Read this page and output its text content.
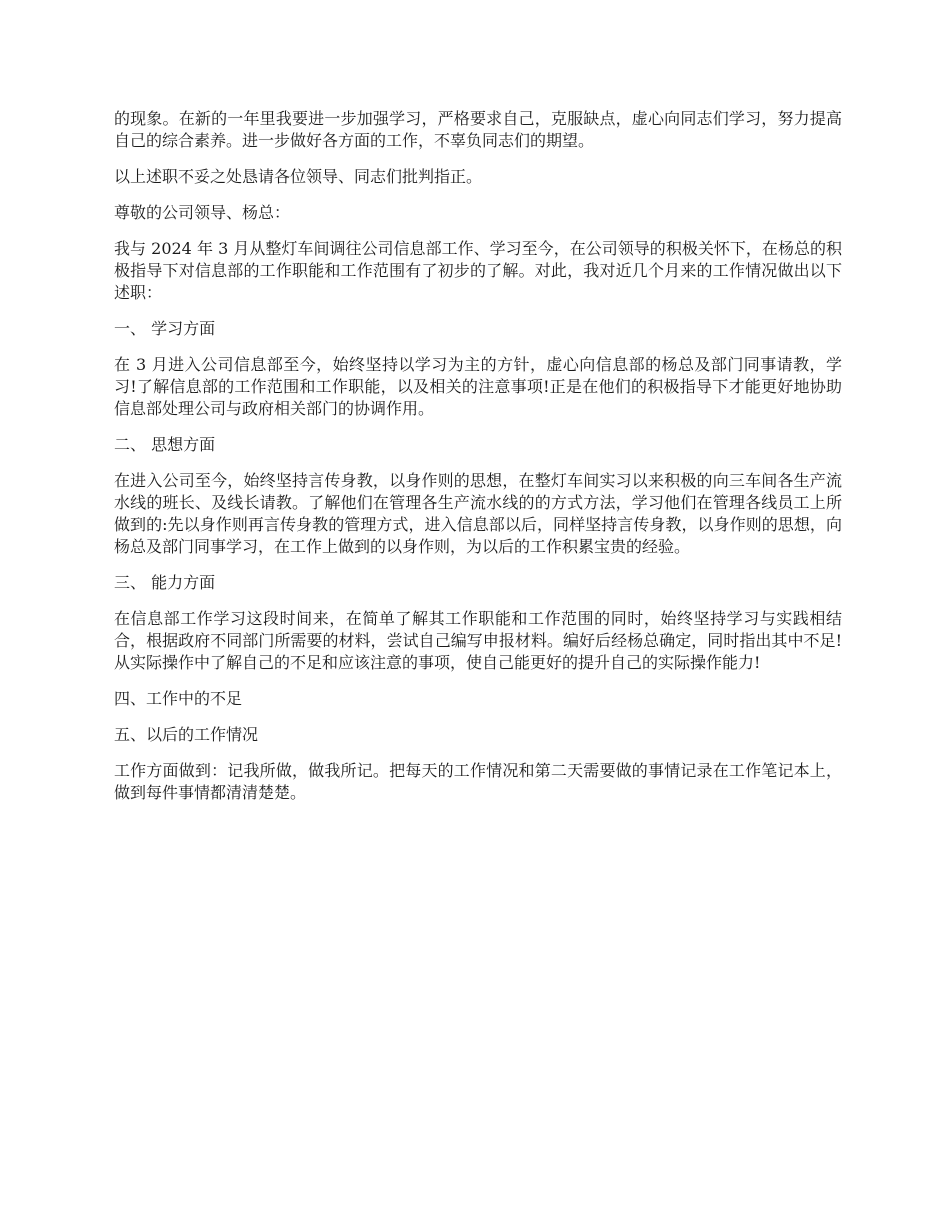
的现象。在新的一年里我要进一步加强学习，严格要求自己，克服缺点，虚心向同志们学习，努力提高自己的综合素养。进一步做好各方面的工作，不辜负同志们的期望。

以上述职不妥之处恳请各位领导、同志们批判指正。

尊敬的公司领导、杨总：

我与 2024 年 3 月从整灯车间调往公司信息部工作、学习至今，在公司领导的积极关怀下，在杨总的积极指导下对信息部的工作职能和工作范围有了初步的了解。对此，我对近几个月来的工作情况做出以下述职：

一、 学习方面

在 3 月进入公司信息部至今，始终坚持以学习为主的方针，虚心向信息部的杨总及部门同事请教，学习!了解信息部的工作范围和工作职能，以及相关的注意事项!正是在他们的积极指导下才能更好地协助信息部处理公司与政府相关部门的协调作用。

二、 思想方面

在进入公司至今，始终坚持言传身教，以身作则的思想，在整灯车间实习以来积极的向三车间各生产流水线的班长、及线长请教。了解他们在管理各生产流水线的的方式方法，学习他们在管理各线员工上所做到的:先以身作则再言传身教的管理方式，进入信息部以后，同样坚持言传身教，以身作则的思想，向杨总及部门同事学习，在工作上做到的以身作则，为以后的工作积累宝贵的经验。

三、 能力方面

在信息部工作学习这段时间来，在简单了解其工作职能和工作范围的同时，始终坚持学习与实践相结合，根据政府不同部门所需要的材料，尝试自己编写申报材料。编好后经杨总确定，同时指出其中不足!从实际操作中了解自己的不足和应该注意的事项，使自己能更好的提升自己的实际操作能力!

四、工作中的不足

五、以后的工作情况

工作方面做到：记我所做，做我所记。把每天的工作情况和第二天需要做的事情记录在工作笔记本上，做到每件事情都清清楚楚。
